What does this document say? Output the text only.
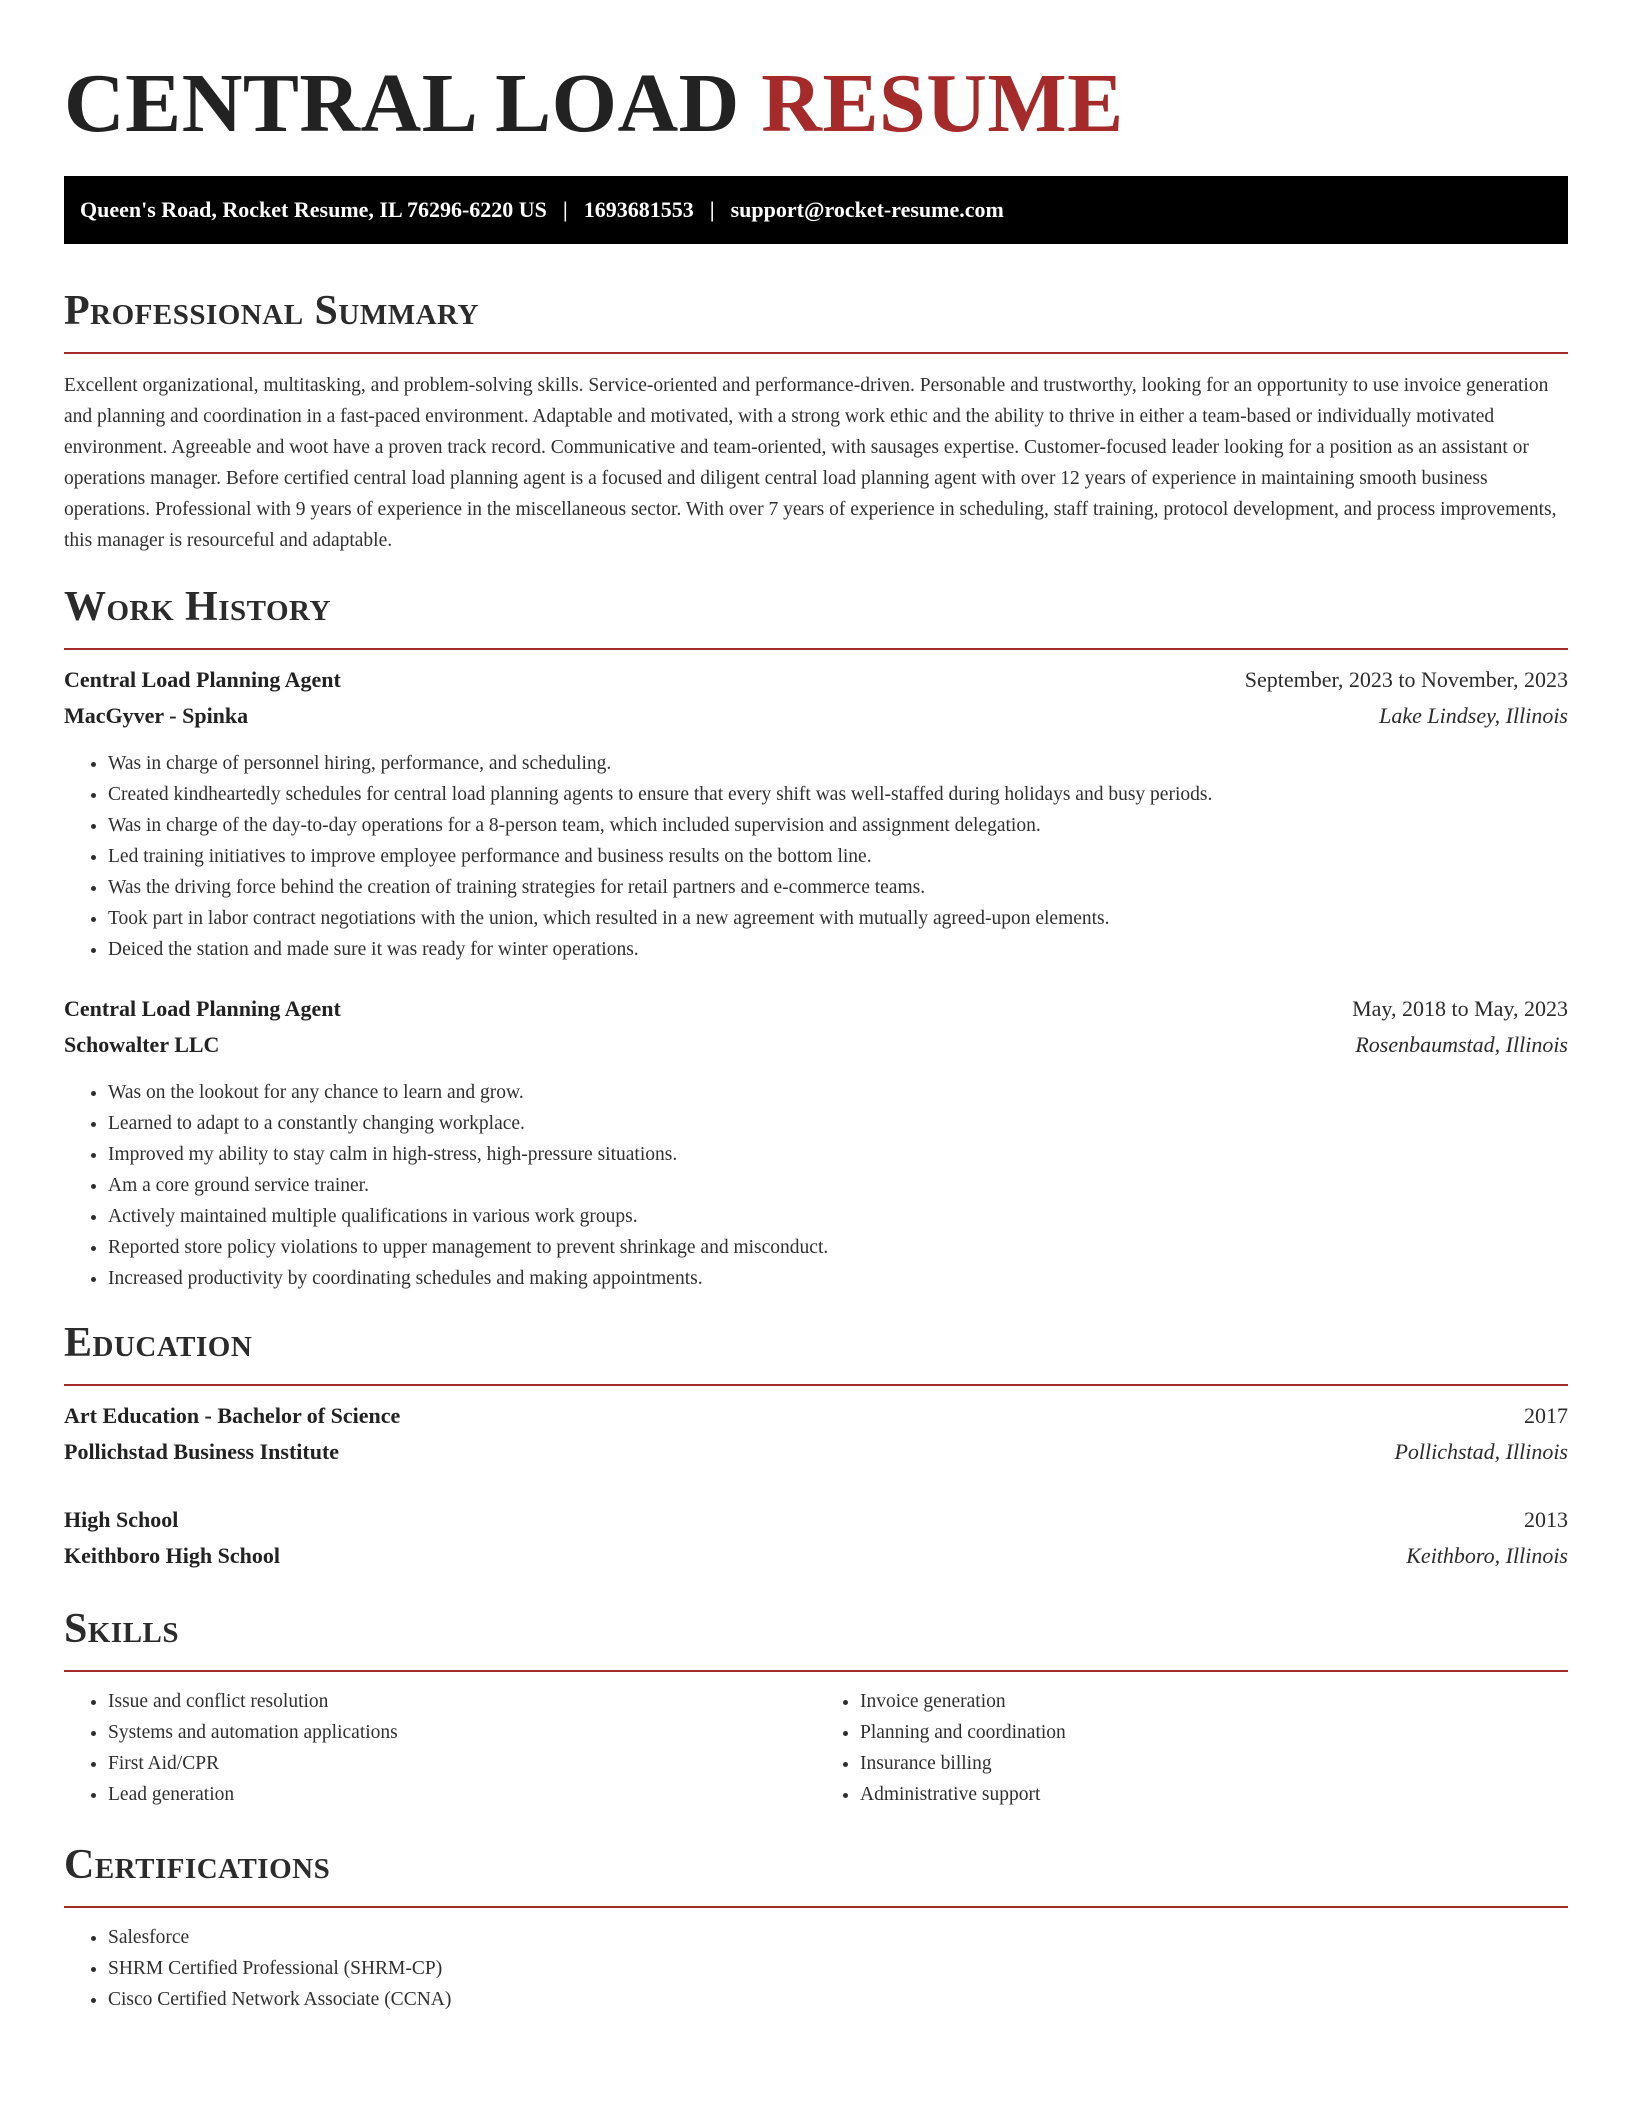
CENTRAL LOAD RESUME
Queen's Road, Rocket Resume, IL 76296-6220 US | 1693681553 | support@rocket-resume.com
Professional Summary

Excellent organizational, multitasking, and problem-solving skills. Service-oriented and performance-driven. Personable and trustworthy, looking for an opportunity to use invoice generation and planning and coordination in a fast-paced environment. Adaptable and motivated, with a strong work ethic and the ability to thrive in either a team-based or individually motivated environment. Agreeable and woot have a proven track record. Communicative and team-oriented, with sausages expertise. Customer-focused leader looking for a position as an assistant or operations manager. Before certified central load planning agent is a focused and diligent central load planning agent with over 12 years of experience in maintaining smooth business operations. Professional with 9 years of experience in the miscellaneous sector. With over 7 years of experience in scheduling, staff training, protocol development, and process improvements, this manager is resourceful and adaptable.

Work History
Central Load Planning Agent	September, 2023 to November, 2023
MacGyver - Spinka	Lake Lindsey, Illinois
• Was in charge of personnel hiring, performance, and scheduling.
• Created kindheartedly schedules for central load planning agents to ensure that every shift was well-staffed during holidays and busy periods.
• Was in charge of the day-to-day operations for a 8-person team, which included supervision and assignment delegation.
• Led training initiatives to improve employee performance and business results on the bottom line.
• Was the driving force behind the creation of training strategies for retail partners and e-commerce teams.
• Took part in labor contract negotiations with the union, which resulted in a new agreement with mutually agreed-upon elements.
• Deiced the station and made sure it was ready for winter operations.
Central Load Planning Agent	May, 2018 to May, 2023
Schowalter LLC	Rosenbaumstad, Illinois
• Was on the lookout for any chance to learn and grow.
• Learned to adapt to a constantly changing workplace.
• Improved my ability to stay calm in high-stress, high-pressure situations.
• Am a core ground service trainer.
• Actively maintained multiple qualifications in various work groups.
• Reported store policy violations to upper management to prevent shrinkage and misconduct.
• Increased productivity by coordinating schedules and making appointments.
Education
Art Education - Bachelor of Science	2017
Pollichstad Business Institute	Pollichstad, Illinois
High School	2013
Keithboro High School	Keithboro, Illinois
Skills
• Issue and conflict resolution
• Systems and automation applications
• First Aid/CPR
• Lead generation
• Invoice generation
• Planning and coordination
• Insurance billing
• Administrative support
Certifications
• Salesforce
• SHRM Certified Professional (SHRM-CP)
• Cisco Certified Network Associate (CCNA)
